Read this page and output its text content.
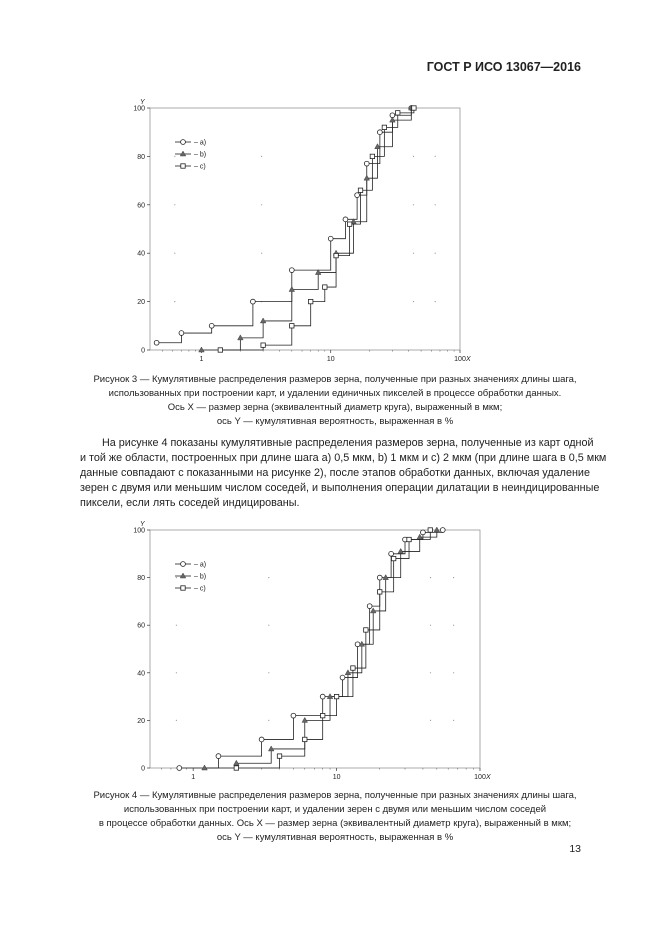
ГОСТ Р ИСО 13067—2016
0
20
40
60
80
100
1	10	100
Y
X
– а)
– b)
– с)
Рисунок 3 — Кумулятивные распределения размеров зерна, полученные при разных значениях длины шага,
использованных при построении карт, и удалении единичных пикселей в процессе обработки данных.
Ось X — размер зерна (эквивалентный диаметр круга), выраженный в мкм;
ось Y — кумулятивная вероятность, выраженная в %
На рисунке 4 показаны кумулятивные распределения размеров зерна, полученные из карт одной
и той же области, построенных при длине шага а) 0,5 мкм, b) 1 мкм и с) 2 мкм (при длине шага в 0,5 мкм
данные совпадают с показанными на рисунке 2), после этапов обработки данных, включая удаление
зерен с двумя или меньшим числом соседей, и выполнения операции дилатации в неиндицированные
пиксели, если лять соседей индицированы.
0
20
40
60
80
100
1	10	100
Y
X
– а)
– b)
– с)
Рисунок 4 — Кумулятивные распределения размеров зерна, полученные при разных значениях длины шага,
использованных при построении карт, и удалении зерен с двумя или меньшим числом соседей
в процессе обработки данных. Ось X — размер зерна (эквивалентный диаметр круга), выраженный в мкм;
ось Y — кумулятивная вероятность, выраженная в %
13
